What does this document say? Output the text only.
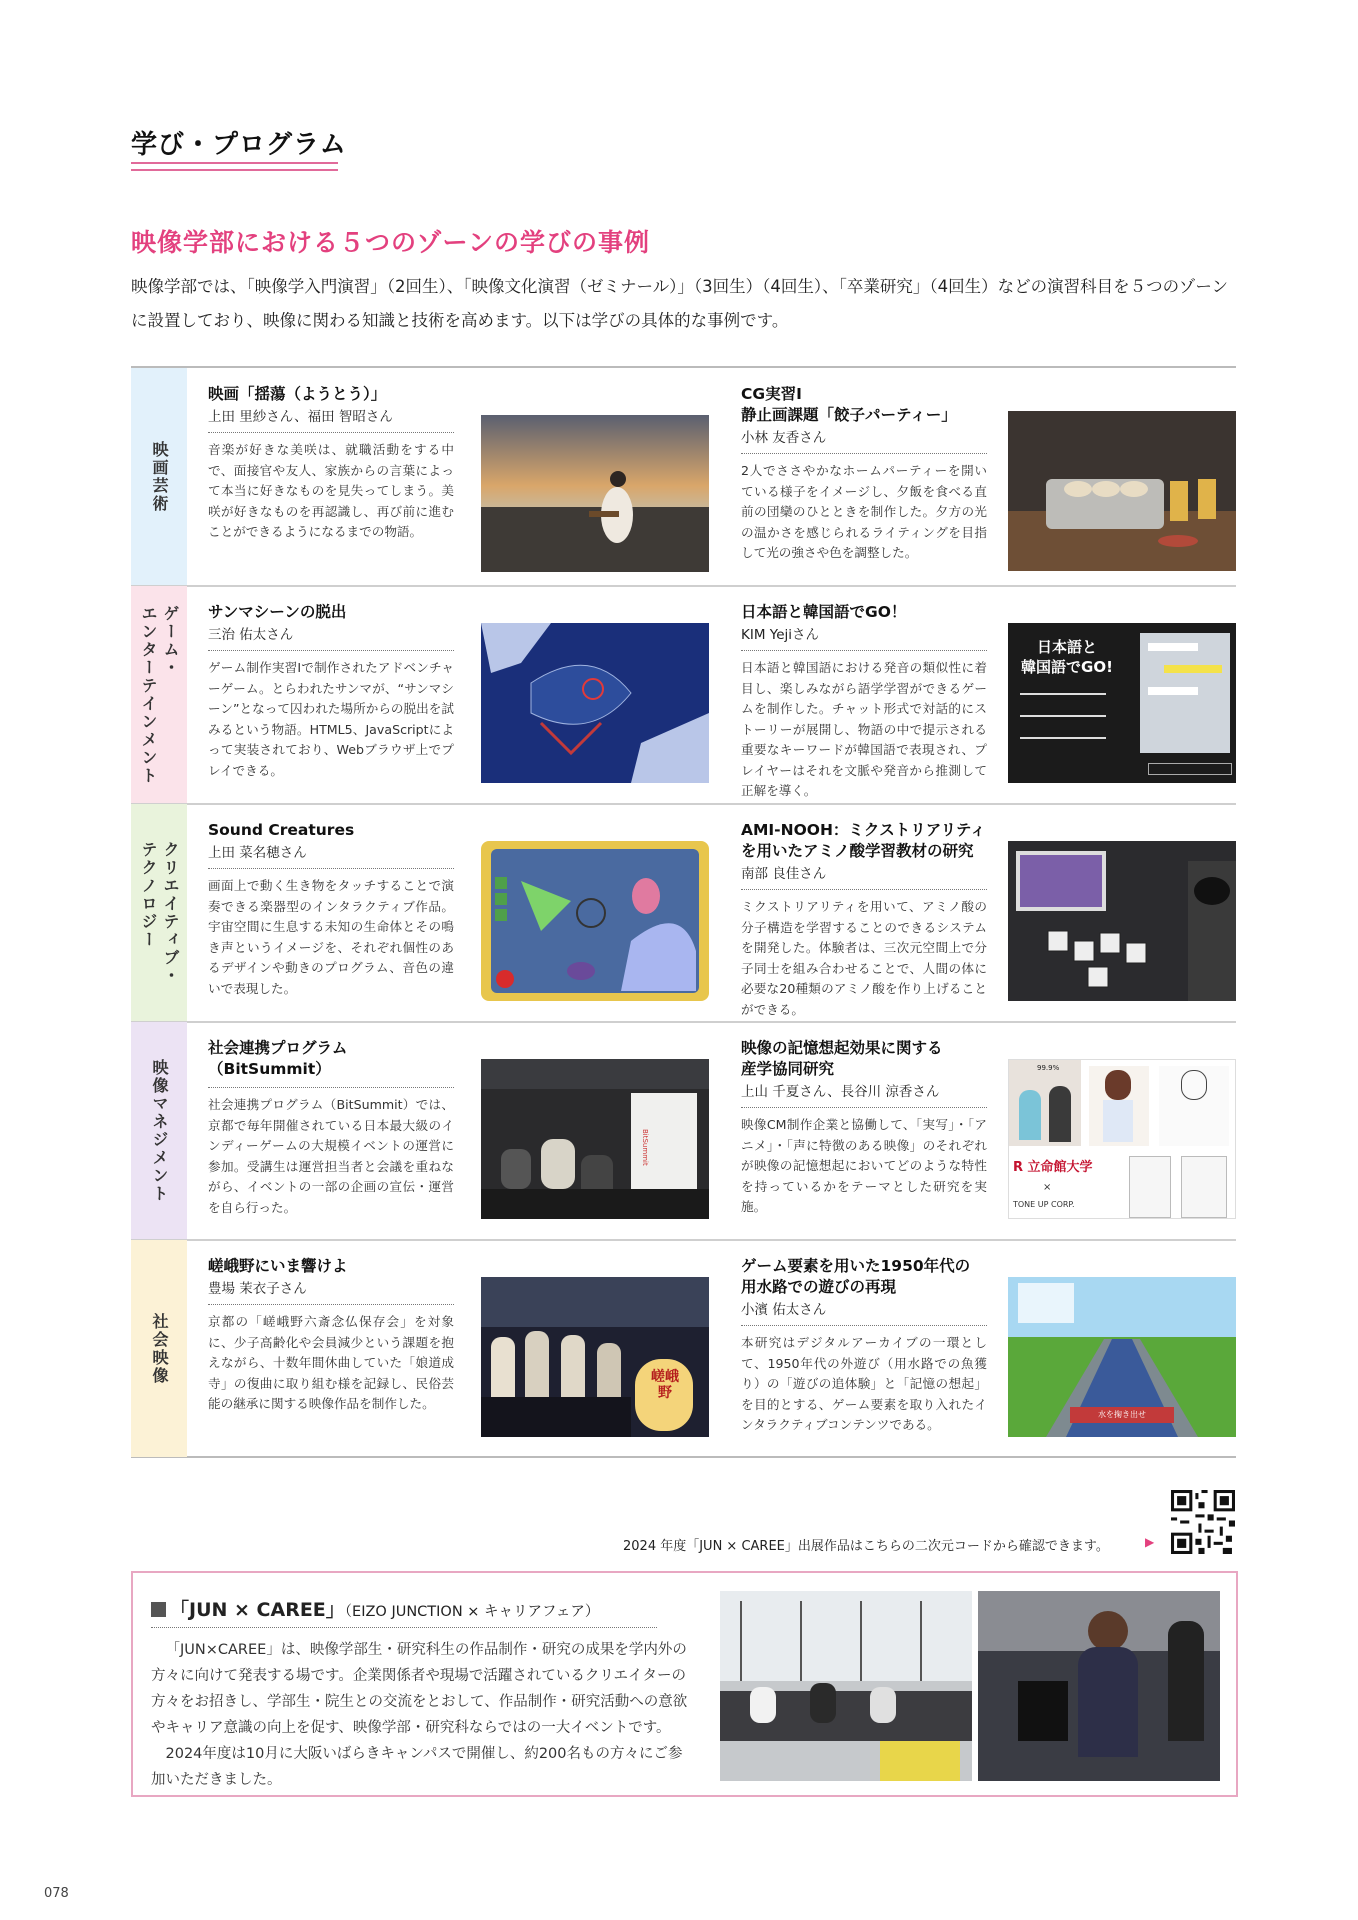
学び・プログラム
映像学部における５つのゾーンの学びの事例
映像学部では、「映像学入門演習」（2回生）、「映像文化演習（ゼミナール）」（3回生）（4回生）、「卒業研究」（4回生）などの演習科目を５つのゾーンに設置しており、映像に関わる知識と技術を高めます。以下は学びの具体的な事例です。
映画芸術
映画「揺蕩（ようとう）」
上田 里紗さん、福田 智昭さん
音楽が好きな美咲は、就職活動をする中で、面接官や友人、家族からの言葉によって本当に好きなものを見失ってしまう。美咲が好きなものを再認識し、再び前に進むことができるようになるまでの物語。
CG実習Ⅰ
静止画課題「餃子パーティー」
小林 友香さん
2人でささやかなホームパーティーを開いている様子をイメージし、夕飯を食べる直前の団欒のひとときを制作した。夕方の光の温かさを感じられるライティングを目指して光の強さや色を調整した。
ゲーム・
エンターテインメント	サンマシーンの脱出
三治 佑太さん
ゲーム制作実習Ⅰで制作されたアドベンチャーゲーム。とらわれたサンマが、“サンマシーン”となって囚われた場所からの脱出を試みるという物語。HTML5、JavaScriptによって実装されており、Webブラウザ上でプレイできる。
日本語と韓国語でGO！
KIM Yejiさん
日本語と韓国語における発音の類似性に着目し、楽しみながら語学学習ができるゲームを制作した。チャット形式で対話的にストーリーが展開し、物語の中で提示される重要なキーワードが韓国語で表現され、プレイヤーはそれを文脈や発音から推測して正解を導く。
日本語と
韓国語でGO!
クリエイティブ・
テクノロジー
Sound Creatures
上田 菜名穂さん
画面上で動く生き物をタッチすることで演奏できる楽器型のインタラクティブ作品。宇宙空間に生息する未知の生命体とその鳴き声というイメージを、それぞれ個性のあるデザインや動きのプログラム、音色の違いで表現した。
AMI-NOOH：ミクストリアリティを用いたアミノ酸学習教材の研究
南部 良佳さん
ミクストリアリティを用いて、アミノ酸の分子構造を学習することのできるシステムを開発した。体験者は、三次元空間上で分子同士を組み合わせることで、人間の体に必要な20種類のアミノ酸を作り上げることができる。
映像マネジメント
社会連携プログラム
（BitSummit）
社会連携プログラム（BitSummit）では、京都で毎年開催されている日本最大級のインディーゲームの大規模イベントの運営に参加。受講生は運営担当者と会議を重ねながら、イベントの一部の企画の宣伝・運営を自ら行った。
BitSummit
映像の記憶想起効果に関する
産学協同研究
上山 千夏さん、長谷川 涼香さん
映像CM制作企業と協働して、「実写」・「アニメ」・「声に特徴のある映像」のそれぞれが映像の記憶想起においてどのような特性を持っているかをテーマとした研究を実施。
99.9%
R 立命館大学
×
TONE UP CORP.
社会映像
嵯峨野にいま響けよ
豊場 茉衣子さん
京都の「嵯峨野六斎念仏保存会」を対象に、少子高齢化や会員減少という課題を抱えながら、十数年間休曲していた「娘道成寺」の復曲に取り組む様を記録し、民俗芸能の継承に関する映像作品を制作した。
嵯峨野
ゲーム要素を用いた1950年代の
用水路での遊びの再現
小濱 佑太さん
本研究はデジタルアーカイブの一環として、1950年代の外遊び（用水路での魚獲り）の「遊びの追体験」と「記憶の想起」を目的とする、ゲーム要素を取り入れたインタラクティブコンテンツである。
水を掬き出せ
2024 年度「JUN × CAREE」出展作品はこちらの二次元コードから確認できます。	▶
「JUN × CAREE」（EIZO JUNCTION × キャリアフェア）

「JUN×CAREE」は、映像学部生・研究科生の作品制作・研究の成果を学内外の方々に向けて発表する場です。企業関係者や現場で活躍されているクリエイターの方々をお招きし、学部生・院生との交流をとおして、作品制作・研究活動への意欲やキャリア意識の向上を促す、映像学部・研究科ならではの一大イベントです。

2024年度は10月に大阪いばらきキャンパスで開催し、約200名もの方々にご参加いただきました。

078
